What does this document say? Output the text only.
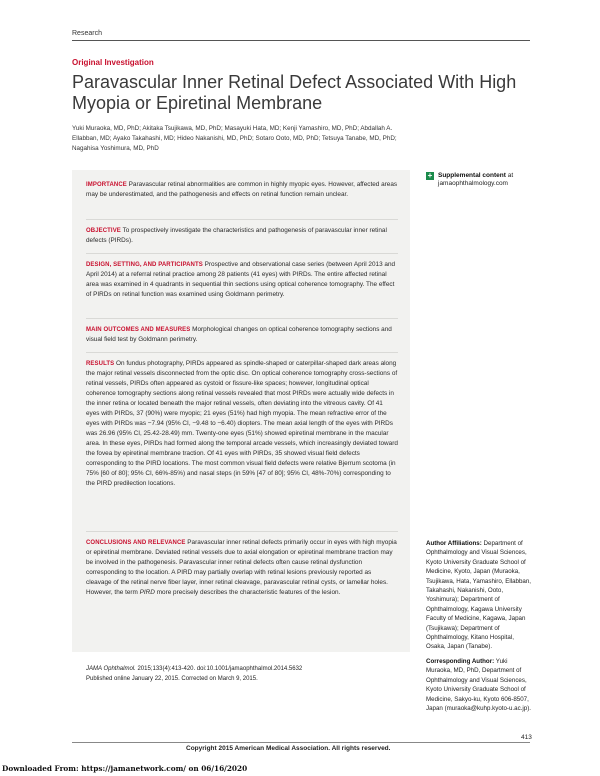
Research
Original Investigation
Paravascular Inner Retinal Defect Associated With High Myopia or Epiretinal Membrane
Yuki Muraoka, MD, PhD; Akitaka Tsujikawa, MD, PhD; Masayuki Hata, MD; Kenji Yamashiro, MD, PhD; Abdallah A. Ellabban, MD; Ayako Takahashi, MD; Hideo Nakanishi, MD, PhD; Sotaro Ooto, MD, PhD; Tetsuya Tanabe, MD, PhD; Nagahisa Yoshimura, MD, PhD
+ Supplemental content at jamaophthalmology.com

IMPORTANCE Paravascular retinal abnormalities are common in highly myopic eyes. However, affected areas may be underestimated, and the pathogenesis and effects on retinal function remain unclear.

OBJECTIVE To prospectively investigate the characteristics and pathogenesis of paravascular inner retinal defects (PIRDs).

DESIGN, SETTING, AND PARTICIPANTS Prospective and observational case series (between April 2013 and April 2014) at a referral retinal practice among 28 patients (41 eyes) with PIRDs. The entire affected retinal area was examined in 4 quadrants in sequential thin sections using optical coherence tomography. The effect of PIRDs on retinal function was examined using Goldmann perimetry.

MAIN OUTCOMES AND MEASURES Morphological changes on optical coherence tomography sections and visual field test by Goldmann perimetry.

RESULTS On fundus photography, PIRDs appeared as spindle-shaped or caterpillar-shaped dark areas along the major retinal vessels disconnected from the optic disc. On optical coherence tomography cross-sections of retinal vessels, PIRDs often appeared as cystoid or fissure-like spaces; however, longitudinal optical coherence tomography sections along retinal vessels revealed that most PIRDs were actually wide defects in the inner retina or located beneath the major retinal vessels, often deviating into the vitreous cavity. Of 41 eyes with PIRDs, 37 (90%) were myopic; 21 eyes (51%) had high myopia. The mean refractive error of the eyes with PIRDs was −7.94 (95% CI, −9.48 to −6.40) diopters. The mean axial length of the eyes with PIRDs was 26.96 (95% CI, 25.42-28.49) mm. Twenty-one eyes (51%) showed epiretinal membrane in the macular area. In these eyes, PIRDs had formed along the temporal arcade vessels, which increasingly deviated toward the fovea by epiretinal membrane traction. Of 41 eyes with PIRDs, 35 showed visual field defects corresponding to the PIRD locations. The most common visual field defects were relative Bjerrum scotoma (in 75% [60 of 80]; 95% CI, 66%-85%) and nasal steps (in 59% [47 of 80]; 95% CI, 48%-70%) corresponding to the PIRD predilection locations.

CONCLUSIONS AND RELEVANCE Paravascular inner retinal defects primarily occur in eyes with high myopia or epiretinal membrane. Deviated retinal vessels due to axial elongation or epiretinal membrane traction may be involved in the pathogenesis. Paravascular inner retinal defects often cause retinal dysfunction corresponding to the location. A PIRD may partially overlap with retinal lesions previously reported as cleavage of the retinal nerve fiber layer, inner retinal cleavage, paravascular retinal cysts, or lamellar holes. However, the term PIRD more precisely describes the characteristic features of the lesion.

JAMA Ophthalmol. 2015;133(4):413-420. doi:10.1001/jamaophthalmol.2014.5632
Published online January 22, 2015. Corrected on March 9, 2015.
Author Affiliations: Department of Ophthalmology and Visual Sciences, Kyoto University Graduate School of Medicine, Kyoto, Japan (Muraoka, Tsujikawa, Hata, Yamashiro, Ellabban, Takahashi, Nakanishi, Ooto, Yoshimura); Department of Ophthalmology, Kagawa University Faculty of Medicine, Kagawa, Japan (Tsujikawa); Department of Ophthalmology, Kitano Hospital, Osaka, Japan (Tanabe).
Corresponding Author: Yuki Muraoka, MD, PhD, Department of Ophthalmology and Visual Sciences, Kyoto University Graduate School of Medicine, Sakyo-ku, Kyoto 606-8507, Japan (muraoka@kuhp.kyoto-u.ac.jp).
413
Copyright 2015 American Medical Association. All rights reserved.
Downloaded From: https://jamanetwork.com/ on 06/16/2020
